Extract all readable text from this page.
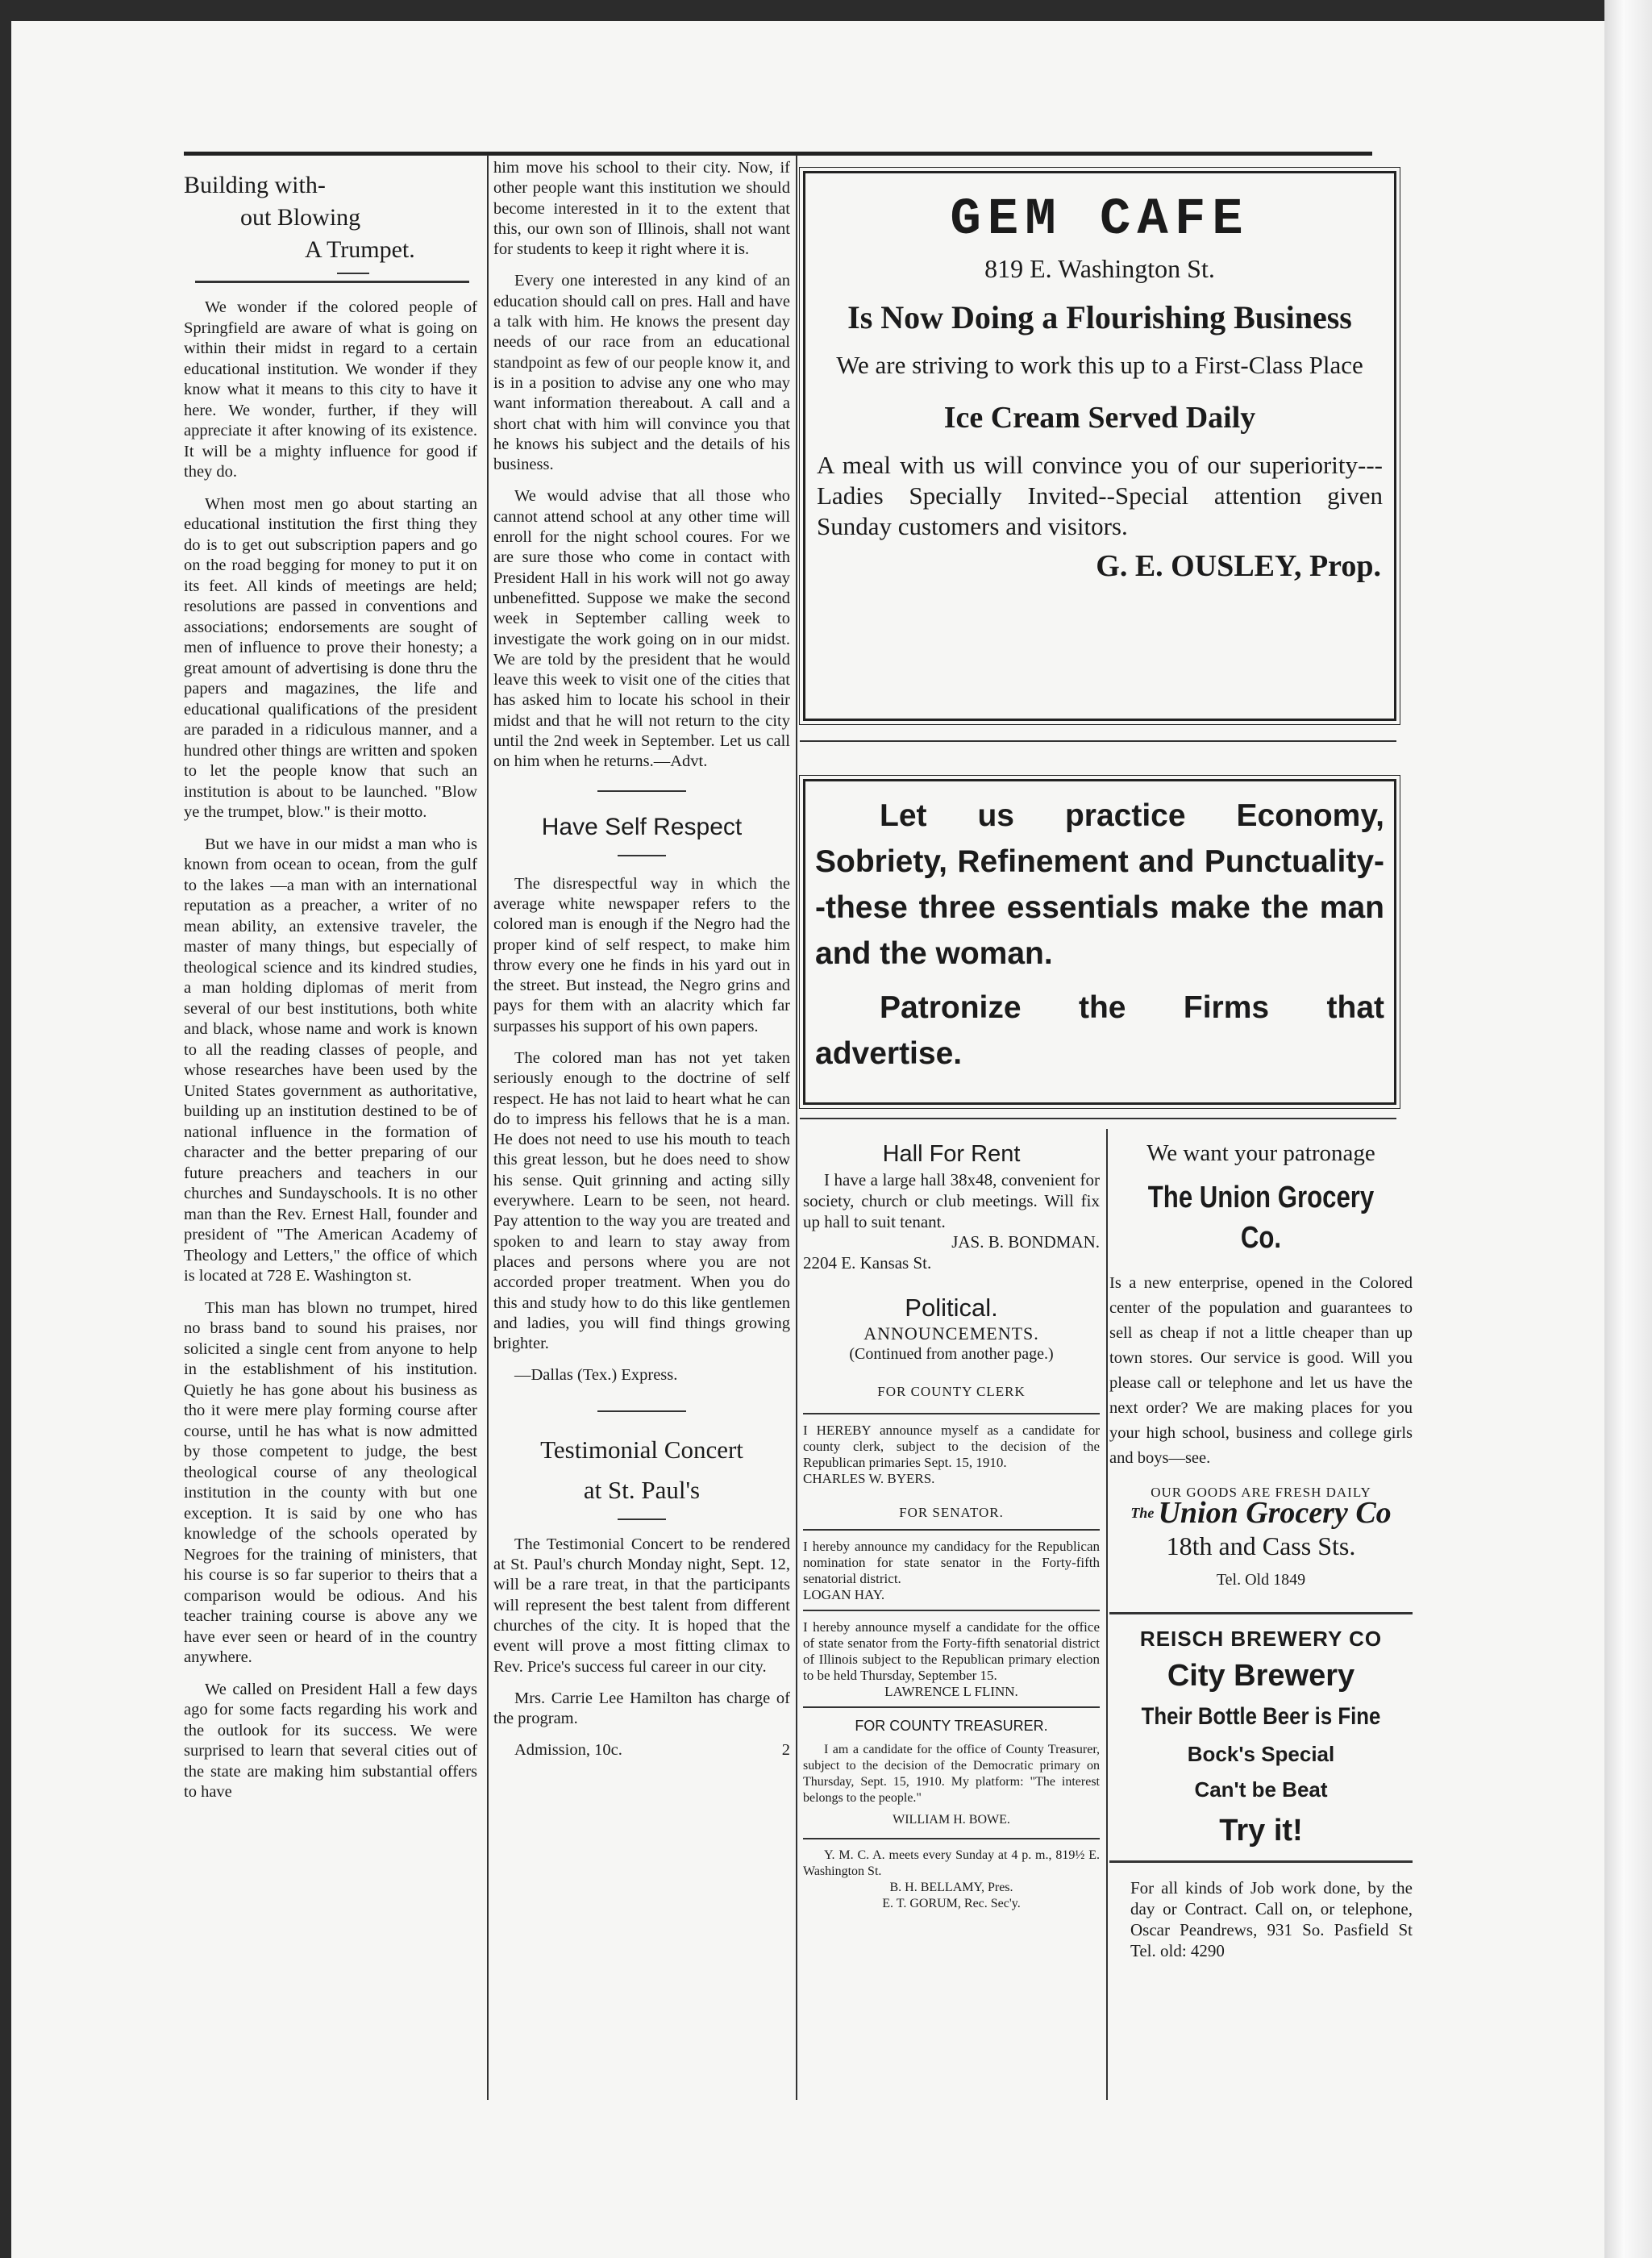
Building with-
out Blowing
A Trumpet.

We wonder if the colored people of Springfield are aware of what is going on within their midst in regard to a certain educational institution. We wonder if they know what it means to this city to have it here. We wonder, further, if they will appreciate it after knowing of its existence. It will be a mighty influence for good if they do.

When most men go about starting an educational institution the first thing they do is to get out subscription papers and go on the road begging for money to put it on its feet. All kinds of meetings are held; resolutions are passed in conventions and associations; endorsements are sought of men of influence to prove their honesty; a great amount of advertising is done thru the papers and magazines, the life and educational qualifications of the president are paraded in a ridiculous manner, and a hundred other things are written and spoken to let the people know that such an institution is about to be launched. "Blow ye the trumpet, blow." is their motto.

But we have in our midst a man who is known from ocean to ocean, from the gulf to the lakes —a man with an international reputation as a preacher, a writer of no mean ability, an extensive traveler, the master of many things, but especially of theological science and its kindred studies, a man holding diplomas of merit from several of our best institutions, both white and black, whose name and work is known to all the reading classes of people, and whose researches have been used by the United States government as authoritative, building up an institution destined to be of national influence in the formation of character and the better preparing of our future preachers and teachers in our churches and Sundayschools. It is no other man than the Rev. Ernest Hall, founder and president of "The American Academy of Theology and Letters," the office of which is located at 728 E. Washington st.

This man has blown no trumpet, hired no brass band to sound his praises, nor solicited a single cent from anyone to help in the establishment of his institution. Quietly he has gone about his business as tho it were mere play forming course after course, until he has what is now admitted by those competent to judge, the best theological course of any theological institution in the county with but one exception. It is said by one who has knowledge of the schools operated by Negroes for the training of ministers, that his course is so far superior to theirs that a comparison would be odious. And his teacher training course is above any we have ever seen or heard of in the country anywhere.

We called on President Hall a few days ago for some facts regarding his work and the outlook for its success. We were surprised to learn that several cities out of the state are making him substantial offers to have

him move his school to their city. Now, if other people want this institution we should become interested in it to the extent that this, our own son of Illinois, shall not want for students to keep it right where it is.

Every one interested in any kind of an education should call on pres. Hall and have a talk with him. He knows the present day needs of our race from an educational standpoint as few of our people know it, and is in a position to advise any one who may want information thereabout. A call and a short chat with him will convince you that he knows his subject and the details of his business.

We would advise that all those who cannot attend school at any other time will enroll for the night school coures. For we are sure those who come in contact with President Hall in his work will not go away unbenefitted. Suppose we make the second week in September calling week to investigate the work going on in our midst. We are told by the president that he would leave this week to visit one of the cities that has asked him to locate his school in their midst and that he will not return to the city until the 2nd week in September. Let us call on him when he returns.—Advt.

Have Self Respect

The disrespectful way in which the average white newspaper refers to the colored man is enough if the Negro had the proper kind of self respect, to make him throw every one he finds in his yard out in the street. But instead, the Negro grins and pays for them with an alacrity which far surpasses his support of his own papers.

The colored man has not yet taken seriously enough to the doctrine of self respect. He has not laid to heart what he can do to impress his fellows that he is a man. He does not need to use his mouth to teach this great lesson, but he does need to show his sense. Quit grinning and acting silly everywhere. Learn to be seen, not heard. Pay attention to the way you are treated and spoken to and learn to stay away from places and persons where you are not accorded proper treatment. When you do this and study how to do this like gentlemen and ladies, you will find things growing brighter.

—Dallas (Tex.) Express.

Testimonial Concert
at St. Paul's

The Testimonial Concert to be rendered at St. Paul's church Monday night, Sept. 12, will be a rare treat, in that the participants will represent the best talent from different churches of the city. It is hoped that the event will prove a most fitting climax to Rev. Price's success ful career in our city.

Mrs. Carrie Lee Hamilton has charge of the program.

Admission, 10c.	2
GEM CAFE
819 E. Washington St.
Is Now Doing a Flourishing Business
We are striving to work this up to a First-Class Place
Ice Cream Served Daily
A meal with us will convince you of our superiority---Ladies Specially Invited--Special attention given Sunday customers and visitors.
G. E. OUSLEY, Prop.
Let us practice Economy, Sobriety, Refinement and Punctuality--these three essentials make the man and the woman.
Patronize the Firms that advertise.
Hall For Rent

I have a large hall 38x48, convenient for society, church or club meetings. Will fix up hall to suit tenant.

JAS. B. BONDMAN.
2204 E. Kansas St.
Political.
ANNOUNCEMENTS.
(Continued from another page.)
FOR COUNTY CLERK

I HEREBY announce myself as a candidate for county clerk, subject to the decision of the Republican primaries Sept. 15, 1910.

CHARLES W. BYERS.
FOR SENATOR.

I hereby announce my candidacy for the Republican nomination for state senator in the Forty-fifth senatorial district.

LOGAN HAY.

I hereby announce myself a candidate for the office of state senator from the Forty-fifth senatorial district of Illinois subject to the Republican primary election to be held Thursday, September 15.

LAWRENCE L FLINN.
FOR COUNTY TREASURER.

I am a candidate for the office of County Treasurer, subject to the decision of the Democratic primary on Thursday, Sept. 15, 1910. My platform: "The interest belongs to the people."

WILLIAM H. BOWE.

Y. M. C. A. meets every Sunday at 4 p. m., 819½ E. Washington St.

B. H. BELLAMY, Pres.
E. T. GORUM, Rec. Sec'y.
We want your patronage
The Union Grocery Co.
Is a new enterprise, opened in the Colored center of the population and guarantees to sell as cheap if not a little cheaper than up town stores. Our service is good. Will you please call or telephone and let us have the next order? We are making places for you your high school, business and college girls and boys—see.
OUR GOODS ARE FRESH DAILY
The Union Grocery Co
18th and Cass Sts.
Tel. Old 1849
REISCH BREWERY CO
City Brewery
Their Bottle Beer is Fine
Bock's Special
Can't be Beat
Try it!
For all kinds of Job work done, by the day or Contract. Call on, or telephone, Oscar Peandrews, 931 So. Pasfield St Tel. old: 4290
